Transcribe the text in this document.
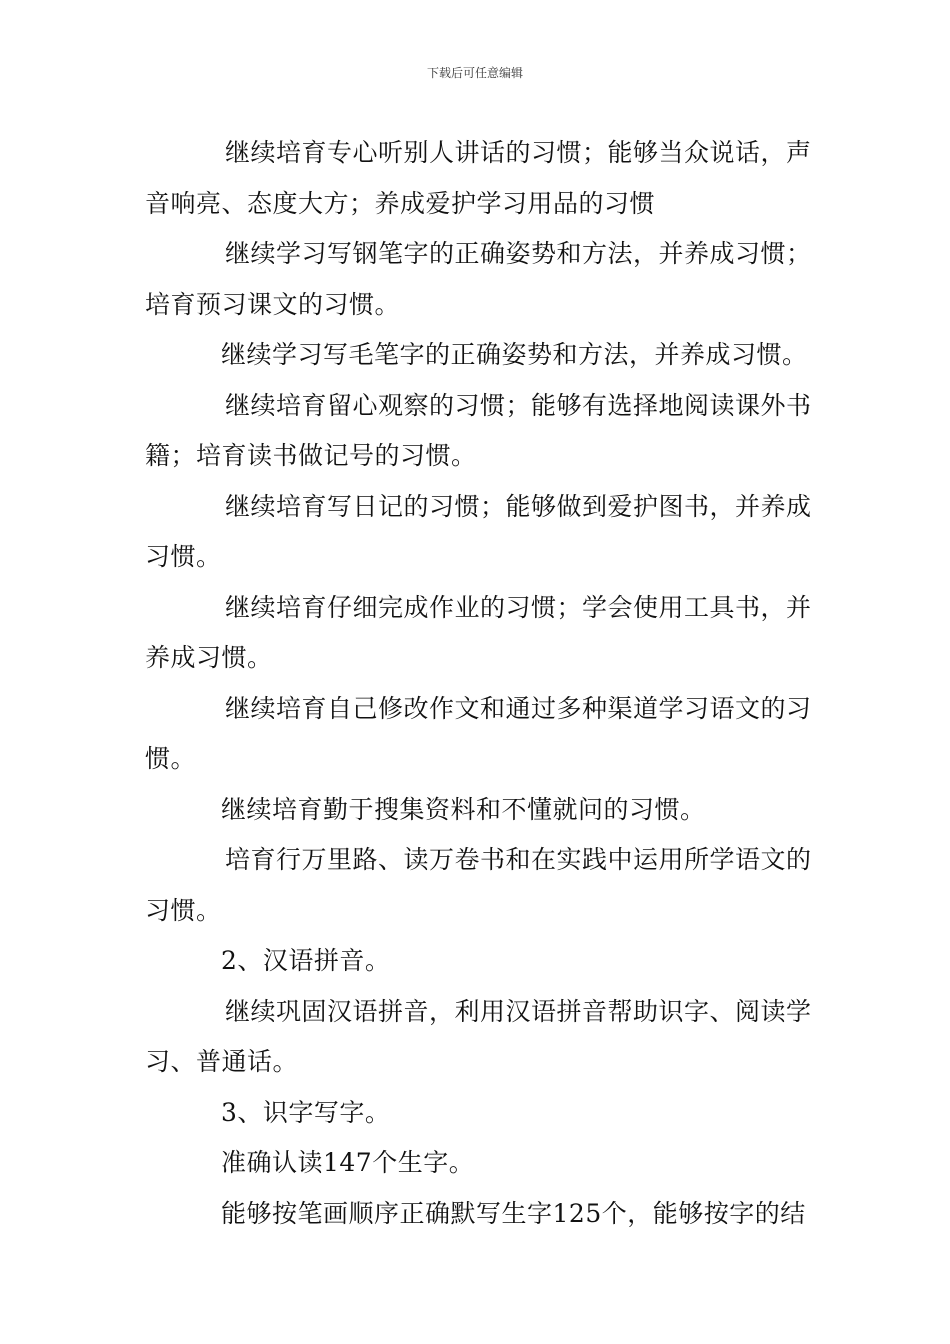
下载后可任意编辑

继续培育专心听别人讲话的习惯；能够当众说话，声音响亮、态度大方；养成爱护学习用品的习惯

继续学习写钢笔字的正确姿势和方法，并养成习惯；培育预习课文的习惯。

继续学习写毛笔字的正确姿势和方法，并养成习惯。

继续培育留心观察的习惯；能够有选择地阅读课外书籍；培育读书做记号的习惯。

继续培育写日记的习惯；能够做到爱护图书，并养成习惯。

继续培育仔细完成作业的习惯；学会使用工具书，并养成习惯。

继续培育自己修改作文和通过多种渠道学习语文的习惯。

继续培育勤于搜集资料和不懂就问的习惯。

培育行万里路、读万卷书和在实践中运用所学语文的习惯。

2、汉语拼音。

继续巩固汉语拼音，利用汉语拼音帮助识字、阅读学习、普通话。

3、识字写字。

准确认读147个生字。

能够按笔画顺序正确默写生字125个，能够按字的结
